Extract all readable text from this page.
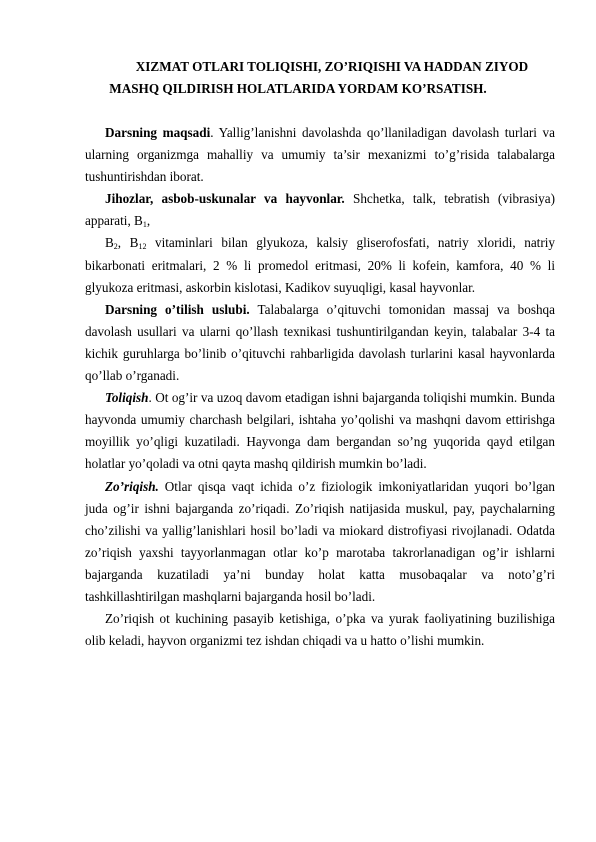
XIZMAT OTLARI TOLIQISHI, ZO’RIQISHI VA HADDAN ZIYOD
MASHQ QILDIRISH HOLATLARIDA YORDAM KO’RSATISH.

Darsning maqsadi. Yallig’lanishni davolashda qo’llaniladigan davolash turlari va ularning organizmga mahalliy va umumiy ta’sir mexanizmi to’g’risida talabalarga tushuntirishdan iborat.

Jihozlar, asbob-uskunalar va hayvonlar. Shchetka, talk, tebratish (vibrasiya) apparati, $B_1$,

$B_2$, $B_{12}$ vitaminlari bilan glyukoza, kalsiy gliserofosfati, natriy xloridi, natriy bikarbonati eritmalari, 2 % li promedol eritmasi, 20% li kofein, kamfora, 40 % li glyukoza eritmasi, askorbin kislotasi, Kadikov suyuqligi, kasal hayvonlar.

Darsning o’tilish uslubi. Talabalarga o’qituvchi tomonidan massaj va boshqa davolash usullari va ularni qo’llash texnikasi tushuntirilgandan keyin, talabalar 3-4 ta kichik guruhlarga bo’linib o’qituvchi rahbarligida davolash turlarini kasal hayvonlarda qo’llab o’rganadi.

Toliqish. Ot og’ir va uzoq davom etadigan ishni bajarganda toliqishi mumkin. Bunda hayvonda umumiy charchash belgilari, ishtaha yo’qolishi va mashqni davom ettirishga moyillik yo’qligi kuzatiladi. Hayvonga dam bergandan so’ng yuqorida qayd etilgan holatlar yo’qoladi va otni qayta mashq qildirish mumkin bo’ladi.

Zo’riqish. Otlar qisqa vaqt ichida o’z fiziologik imkoniyatlaridan yuqori bo’lgan juda og’ir ishni bajarganda zo’riqadi. Zo’riqish natijasida muskul, pay, paychalarning cho’zilishi va yallig’lanishlari hosil bo’ladi va miokard distrofiyasi rivojlanadi. Odatda zo’riqish yaxshi tayyorlanmagan otlar ko’p marotaba takrorlanadigan og’ir ishlarni bajarganda kuzatiladi ya’ni bunday holat katta musobaqalar va noto’g’ri tashkillashtirilgan mashqlarni bajarganda hosil bo’ladi.

Zo’riqish ot kuchining pasayib ketishiga, o’pka va yurak faoliyatining buzilishiga olib keladi, hayvon organizmi tez ishdan chiqadi va u hatto o’lishi mumkin.
